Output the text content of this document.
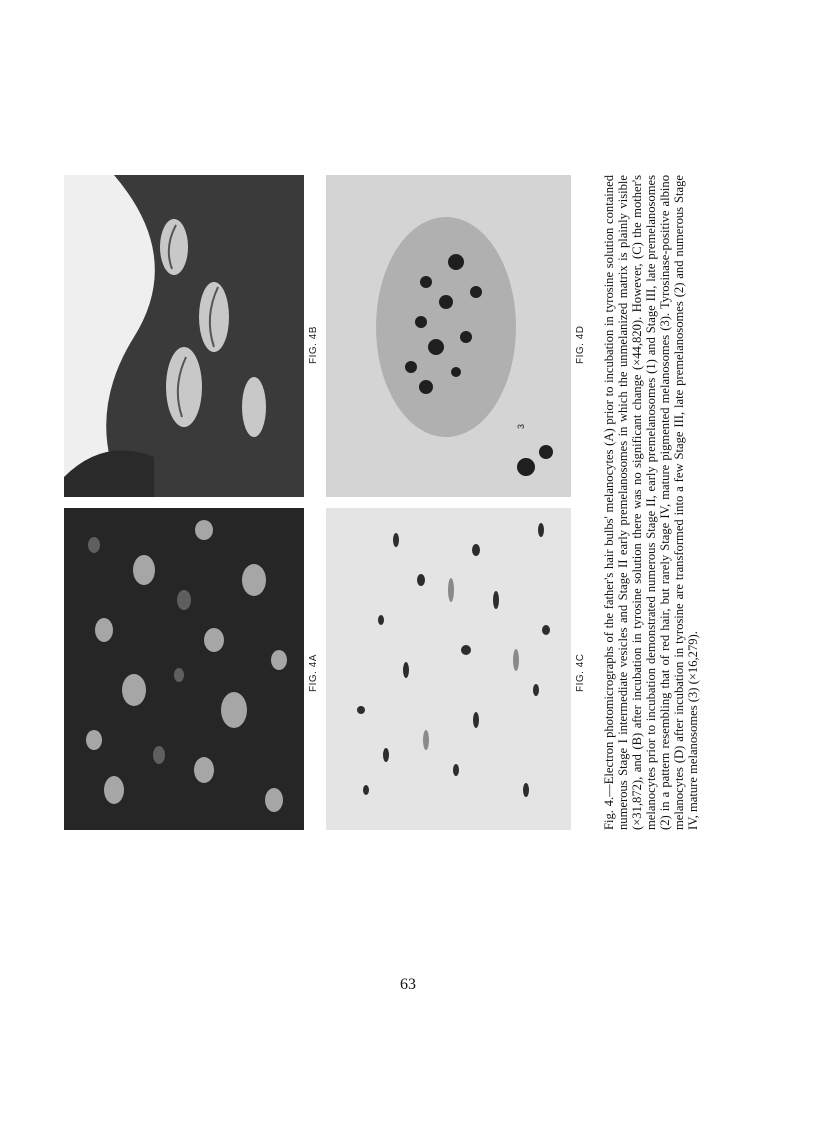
FIG. 4A
FIG. 4B
FIG. 4C
3
FIG. 4D Fig. 4.—Electron photomicrographs of the father's hair bulbs' melanocytes (A) prior to incubation in tyrosine solution contained numerous Stage I intermediate vesicles and Stage II early premelanosomes in which the unmelanized matrix is plainly visible (×31,872), and (B) after incubation in tyrosine solution there was no significant change (×44,820). However, (C) the mother's melanocytes prior to incubation demonstrated numerous Stage II, early premelanosomes (1) and Stage III, late premelanosomes (2) in a pattern resembling that of red hair, but rarely Stage IV, mature pigmented melanosomes (3). Tyrosinase-positive albino melanocytes (D) after incubation in tyrosine are transformed into a few Stage III, late premelanosomes (2) and numerous Stage IV, mature melanosomes (3) (×16,279).
63
